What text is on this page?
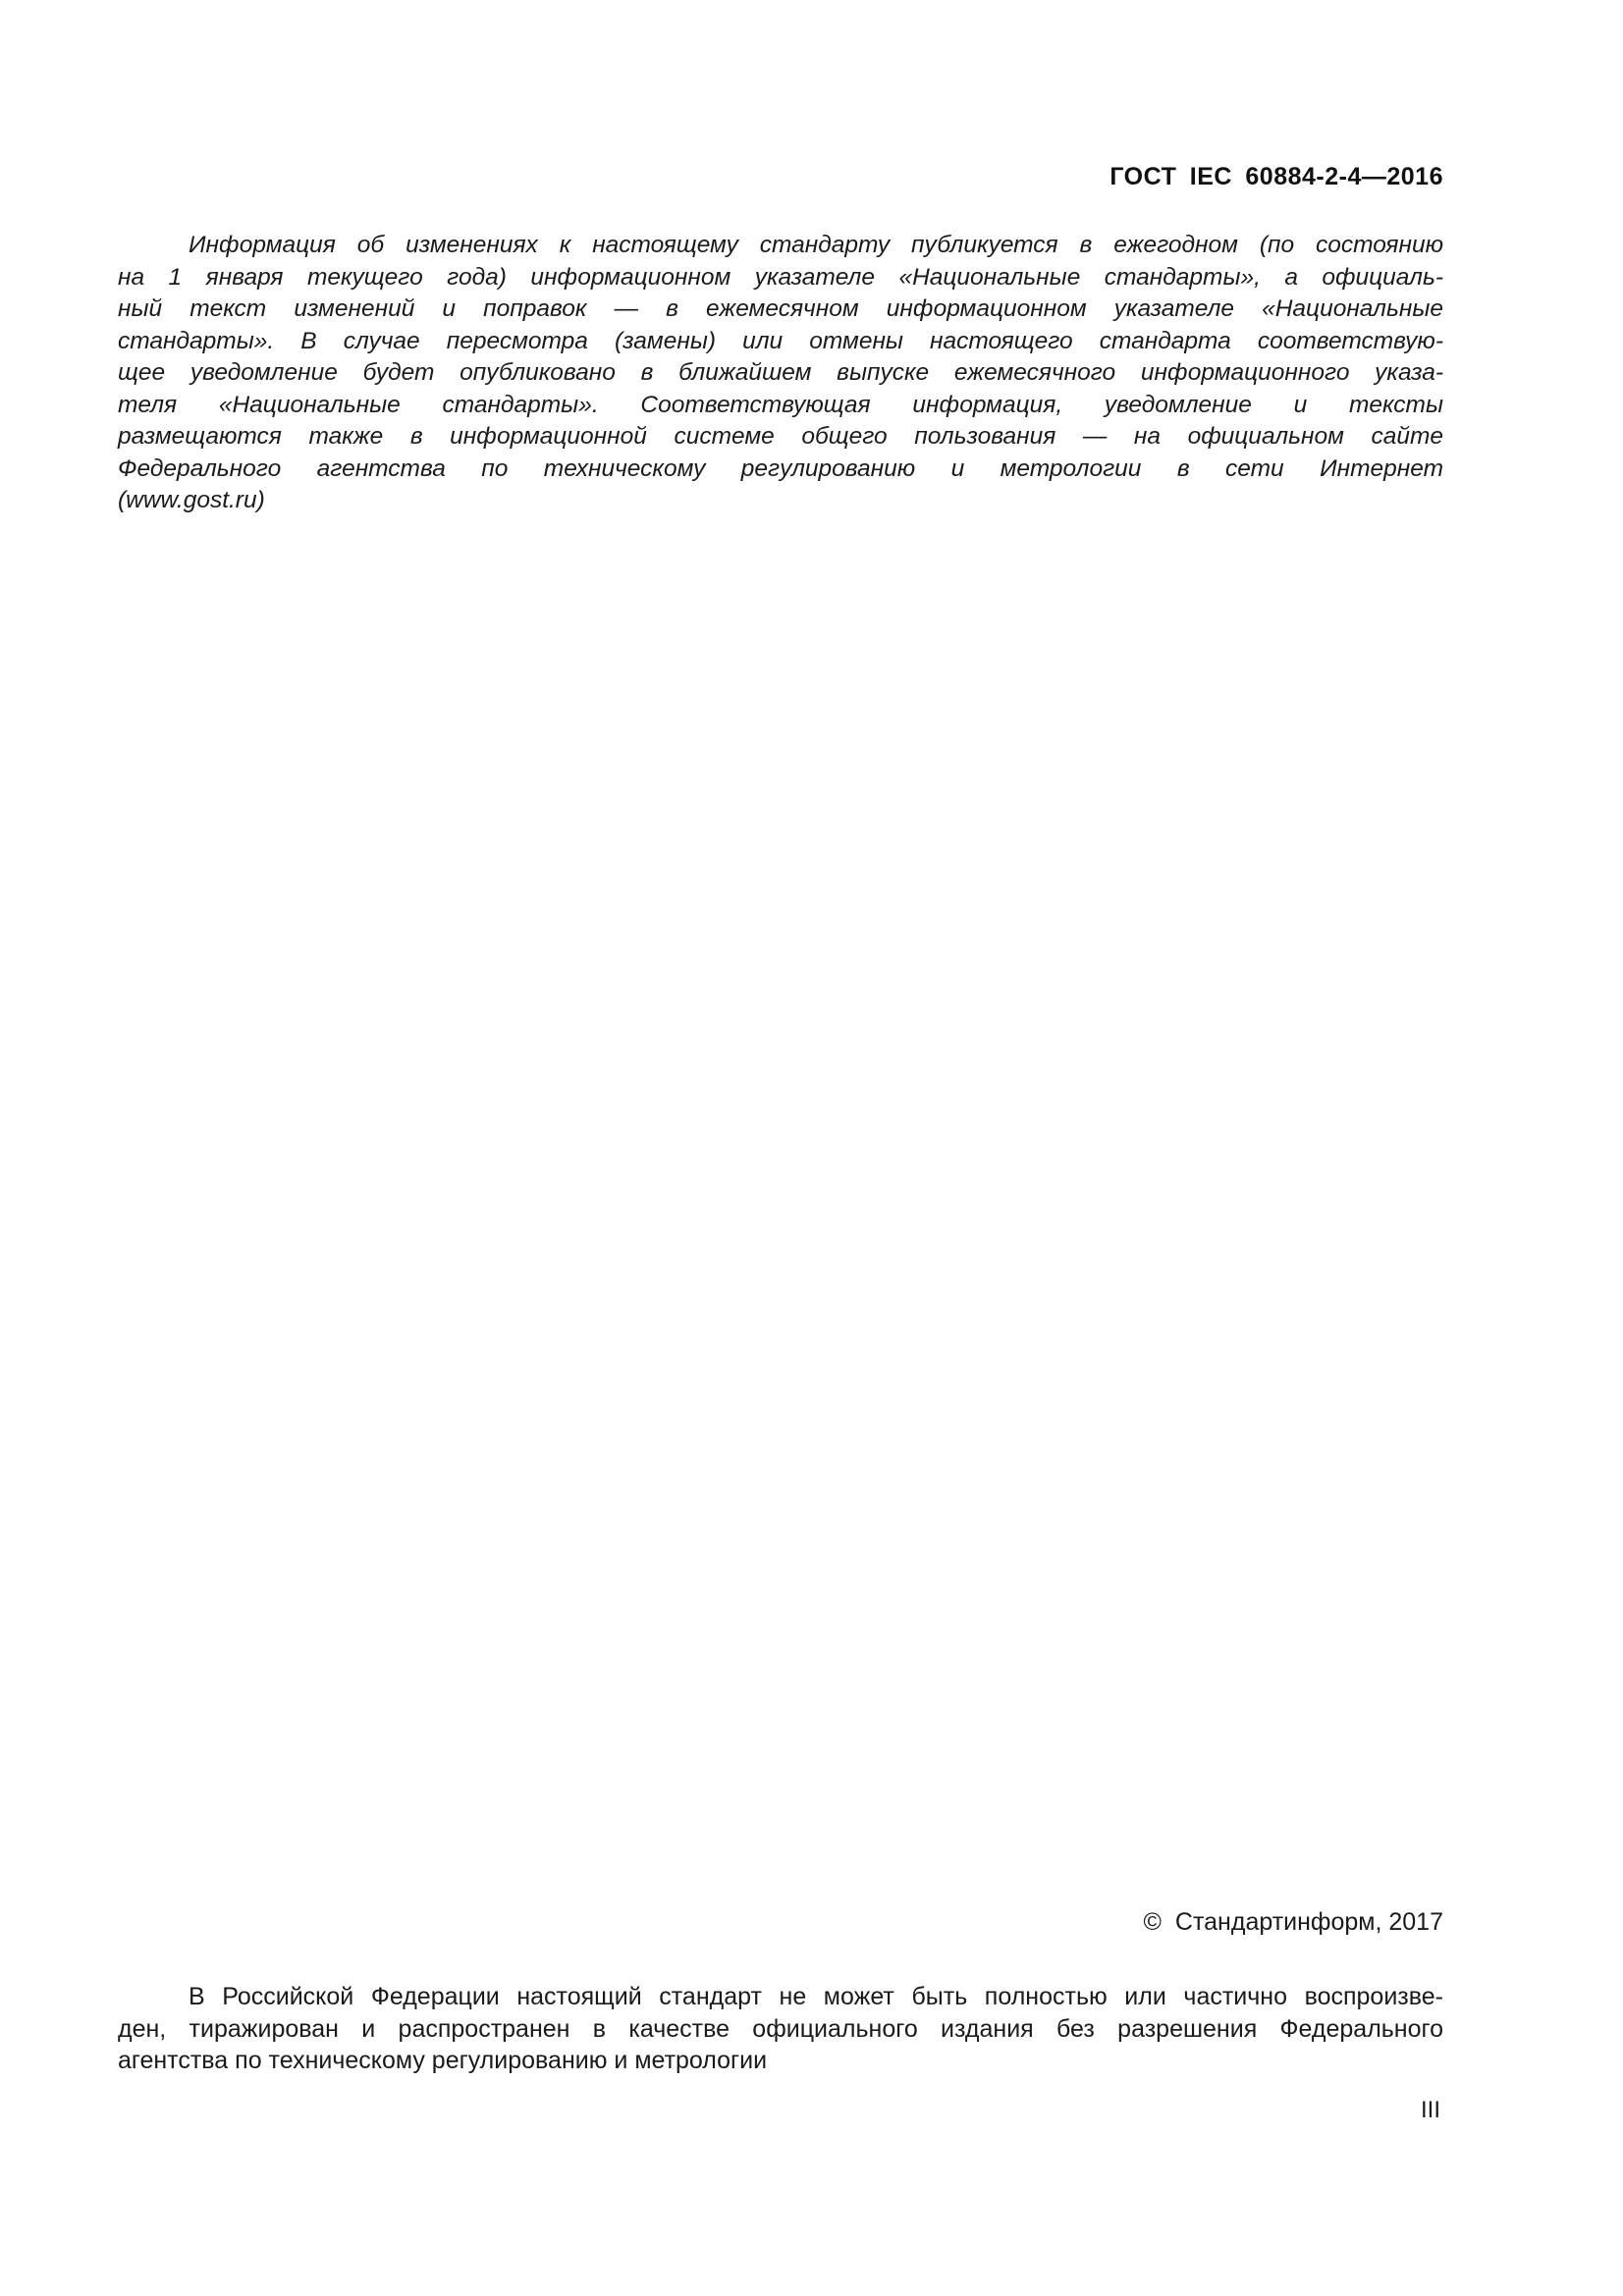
ГОСТ IEC 60884-2-4—2016
Информация об изменениях к настоящему стандарту публикуется в ежегодном (по состоянию
на 1 января текущего года) информационном указателе «Национальные стандарты», а официаль-
ный текст изменений и поправок — в ежемесячном информационном указателе «Национальные
стандарты». В случае пересмотра (замены) или отмены настоящего стандарта соответствую-
щее уведомление будет опубликовано в ближайшем выпуске ежемесячного информационного указа-
теля «Национальные стандарты». Соответствующая информация, уведомление и тексты
размещаются также в информационной системе общего пользования — на официальном сайте
Федерального агентства по техническому регулированию и метрологии в сети Интернет
(www.gost.ru)
© Стандартинформ, 2017
В Российской Федерации настоящий стандарт не может быть полностью или частично воспроизве-
ден, тиражирован и распространен в качестве официального издания без разрешения Федерального
агентства по техническому регулированию и метрологии
III
